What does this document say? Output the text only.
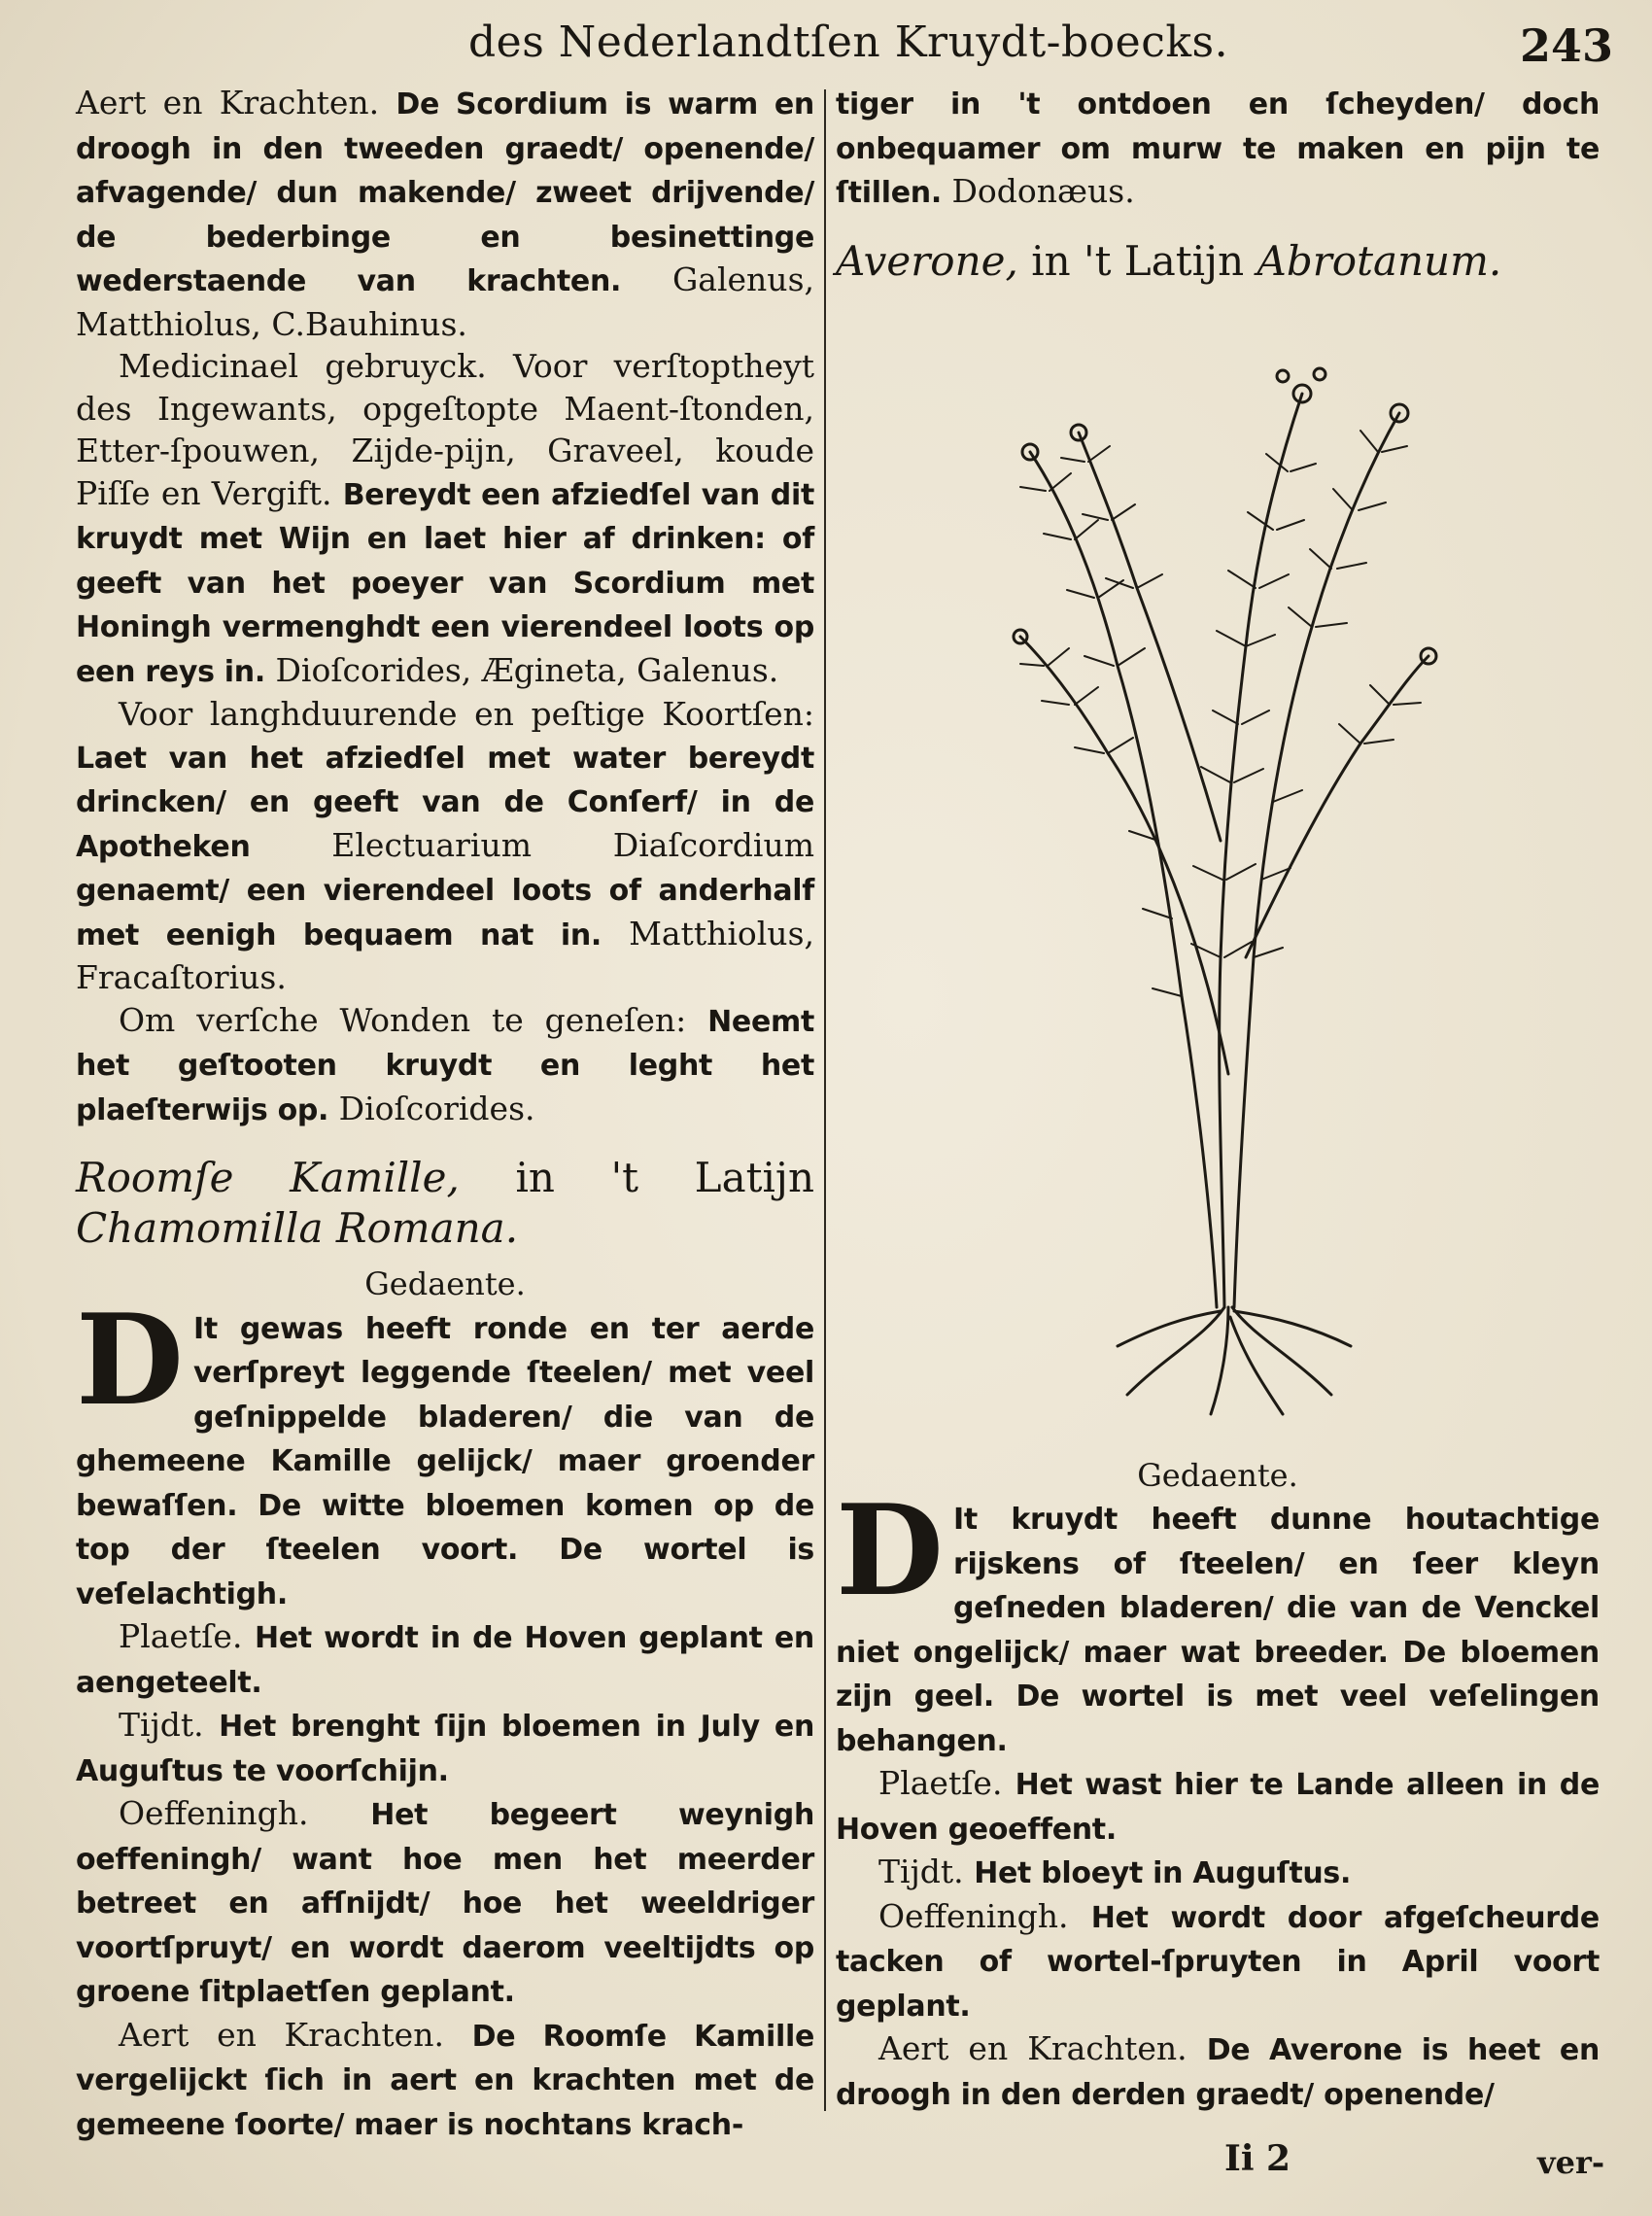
des Nederlandtſen Kruydt-boecks.	243

Aert en Krachten. De Scordium is warm en droogh in den tweeden graedt/ openende/ afvagende/ dun makende/ zweet drijvende/ de bederbinge en besinettinge wederstaende van krachten. Galenus, Matthiolus, C.Bauhinus.

Medicinael gebruyck. Voor verſtoptheyt des Ingewants, opgeſtopte Maent-ſtonden, Etter-ſpouwen, Zijde-pijn, Graveel, koude Piſſe en Vergift. Bereydt een afziedſel van dit kruydt met Wijn en laet hier af drinken: of geeft van het poeyer van Scordium met Honingh vermenghdt een vierendeel loots op een reys in. Dioſcorides, Ægineta, Galenus.

Voor langhduurende en peſtige Koortſen: Laet van het afziedſel met water bereydt drincken/ en geeft van de Conſerf/ in de Apotheken	Electuarium Diaſcordium genaemt/ een vierendeel loots of anderhalf met eenigh bequaem nat in. Matthiolus, Fracaſtorius.

Om verſche Wonden te geneſen: Neemt het geſtooten kruydt en leght het plaeſterwijs op. Dioſcorides.

Roomſe Kamille, in 't Latijn Chamomilla Romana.

Gedaente.

D It gewas heeft ronde en ter aerde verſpreyt leggende ſteelen/ met veel geſnippelde bladeren/ die van de ghemeene Kamille gelijck/ maer groender bewaſſen. De witte bloemen komen op de top der ſteelen voort. De wortel is veſelachtigh.

Plaetſe. Het wordt in de Hoven geplant en aengeteelt.

Tijdt. Het brenght ſijn bloemen in July en Auguſtus te voorſchijn.

Oeffeningh. Het begeert weynigh oeffeningh/ want hoe men het meerder betreet en afſnijdt/ hoe het weeldriger voortſpruyt/ en wordt daerom veeltijdts op groene ſitplaetſen geplant.

Aert en Krachten. De Roomſe Kamille vergelijckt ſich in aert en krachten met de gemeene ſoorte/ maer is nochtans krach-

tiger in 't ontdoen en ſcheyden/ doch onbequamer om murw te maken en pijn te ſtillen. Dodonæus.

Averone, in 't Latijn Abrotanum.

Gedaente.

D It kruydt heeft dunne houtachtige rijskens of ſteelen/ en ſeer kleyn geſneden bladeren/ die van de Venckel niet ongelijck/ maer wat breeder. De bloemen zijn geel. De wortel is met veel veſelingen behangen.

Plaetſe. Het wast hier te Lande alleen in de Hoven geoeffent.

Tijdt. Het bloeyt in Auguſtus.

Oeffeningh. Het wordt door afgeſcheurde tacken of wortel-ſpruyten in April voort geplant.

Aert en Krachten. De Averone is heet en droogh in den derden graedt/ openende/

Ii 2	ver-
